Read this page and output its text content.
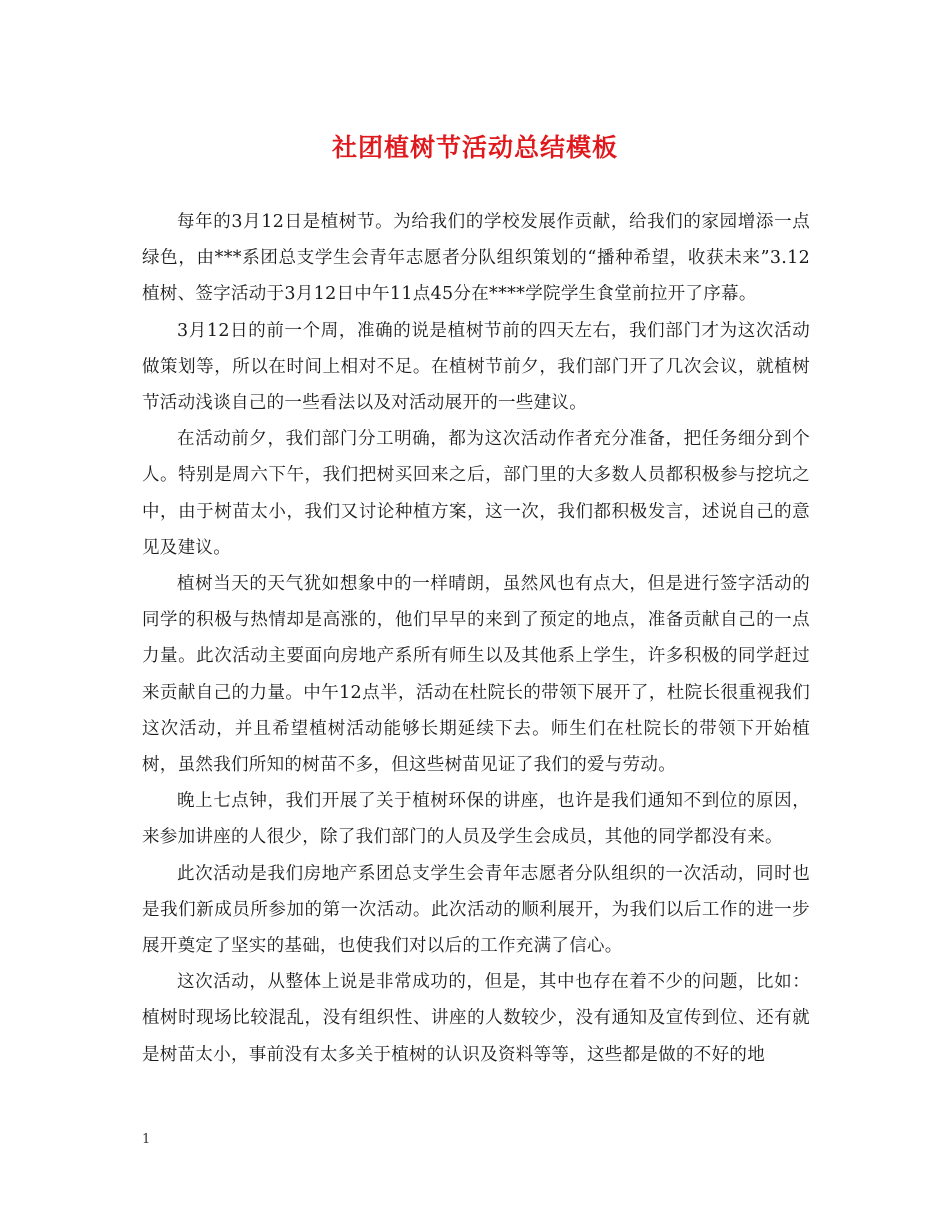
社团植树节活动总结模板

每年的3月12日是植树节。为给我们的学校发展作贡献，给我们的家园增添一点绿色，由***系团总支学生会青年志愿者分队组织策划的“播种希望，收获未来”3.12植树、签字活动于3月12日中午11点45分在****学院学生食堂前拉开了序幕。

3月12日的前一个周，准确的说是植树节前的四天左右，我们部门才为这次活动做策划等，所以在时间上相对不足。在植树节前夕，我们部门开了几次会议，就植树节活动浅谈自己的一些看法以及对活动展开的一些建议。

在活动前夕，我们部门分工明确，都为这次活动作者充分准备，把任务细分到个人。特别是周六下午，我们把树买回来之后，部门里的大多数人员都积极参与挖坑之中，由于树苗太小，我们又讨论种植方案，这一次，我们都积极发言，述说自己的意见及建议。

植树当天的天气犹如想象中的一样晴朗，虽然风也有点大，但是进行签字活动的同学的积极与热情却是高涨的，他们早早的来到了预定的地点，准备贡献自己的一点力量。此次活动主要面向房地产系所有师生以及其他系上学生，许多积极的同学赶过来贡献自己的力量。中午12点半，活动在杜院长的带领下展开了，杜院长很重视我们这次活动，并且希望植树活动能够长期延续下去。师生们在杜院长的带领下开始植树，虽然我们所知的树苗不多，但这些树苗见证了我们的爱与劳动。

晚上七点钟，我们开展了关于植树环保的讲座，也许是我们通知不到位的原因，来参加讲座的人很少，除了我们部门的人员及学生会成员，其他的同学都没有来。

此次活动是我们房地产系团总支学生会青年志愿者分队组织的一次活动，同时也是我们新成员所参加的第一次活动。此次活动的顺利展开，为我们以后工作的进一步展开奠定了坚实的基础，也使我们对以后的工作充满了信心。

这次活动，从整体上说是非常成功的，但是，其中也存在着不少的问题，比如：植树时现场比较混乱，没有组织性、讲座的人数较少，没有通知及宣传到位、还有就是树苗太小，事前没有太多关于植树的认识及资料等等，这些都是做的不好的地

1
